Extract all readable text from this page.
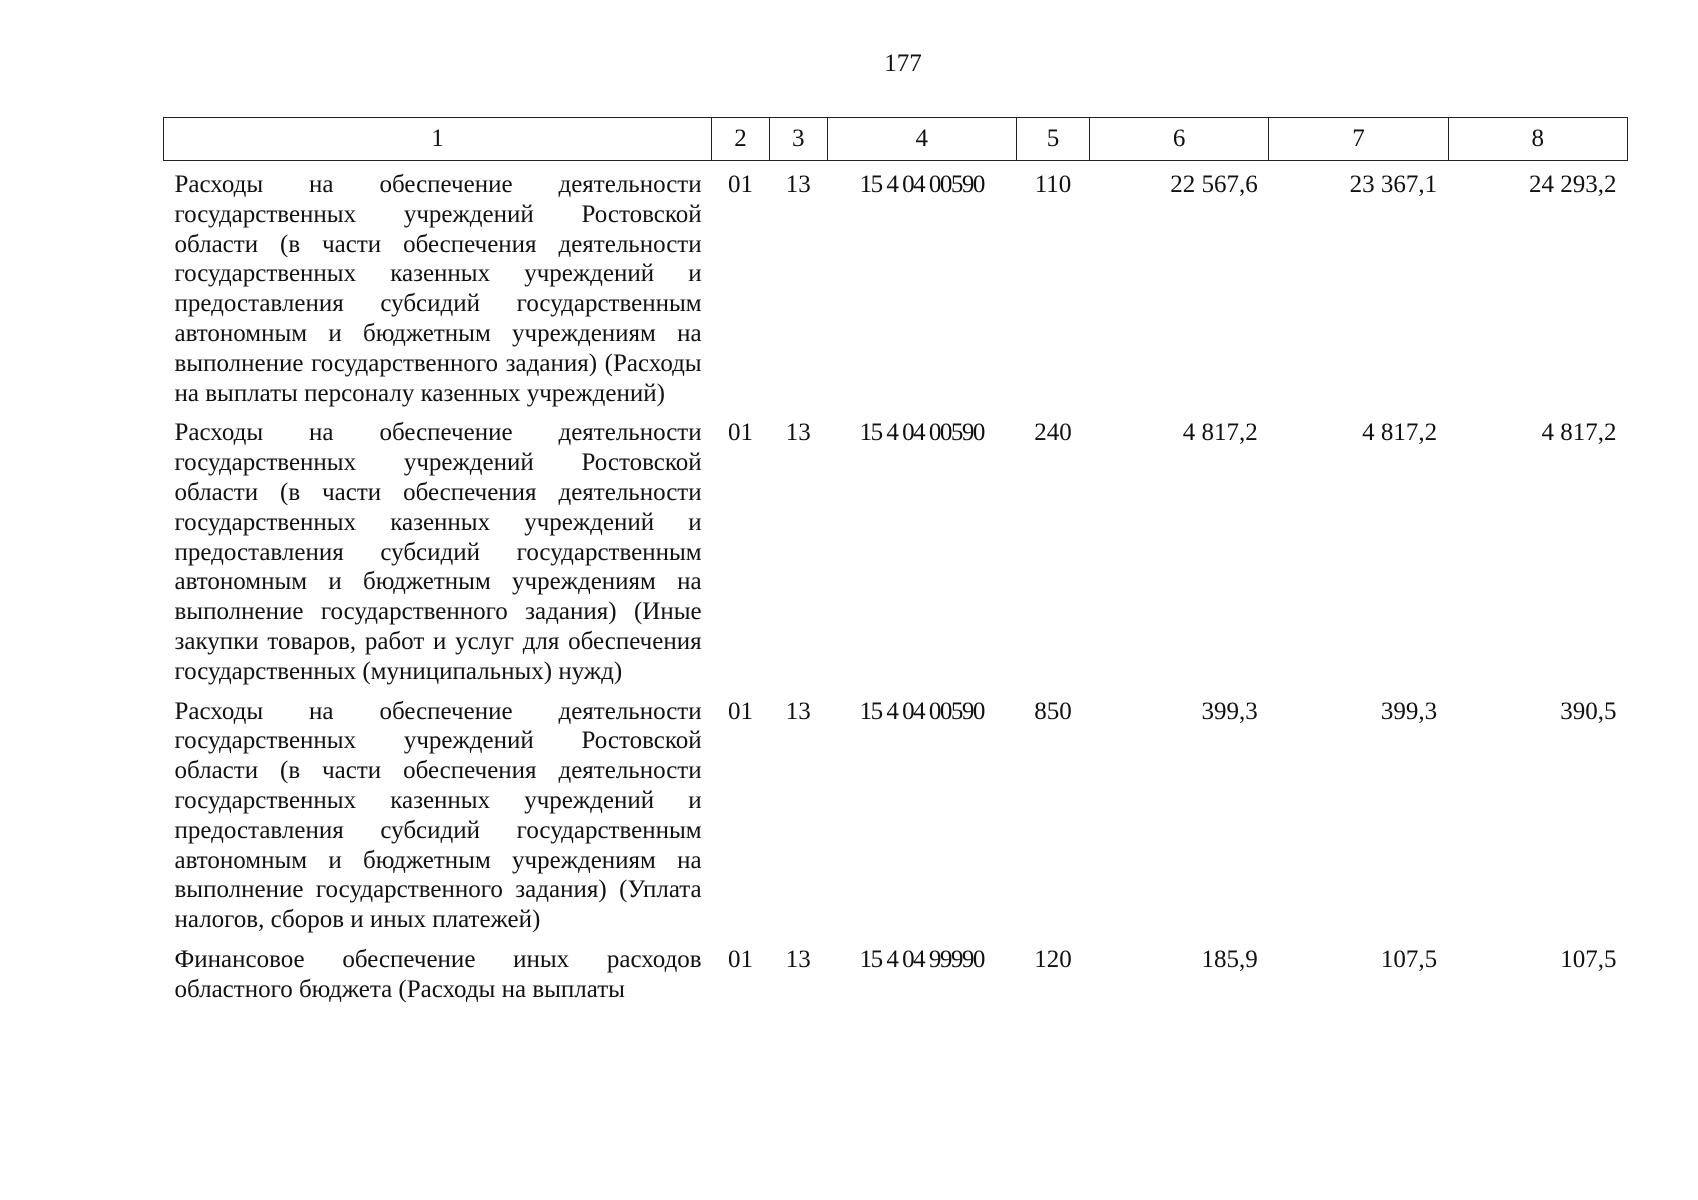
177
1	2	3	4	5	6	7	8
Расходы на обеспечение деятельности государственных учреждений Ростовской области (в части обеспечения деятельности государственных казенных учреждений и предоставления субсидий государственным автономным и бюджетным учреждениям на выполнение государственного задания) (Расходы на выплаты персоналу казенных учреждений)	01	13	15 4 04 00590	110	22 567,6	23 367,1	24 293,2
Расходы на обеспечение деятельности государственных учреждений Ростовской области (в части обеспечения деятельности государственных казенных учреждений и предоставления субсидий государственным автономным и бюджетным учреждениям на выполнение государственного задания) (Иные закупки товаров, работ и услуг для обеспечения государственных (муниципальных) нужд)	01	13	15 4 04 00590	240	4 817,2	4 817,2	4 817,2
Расходы на обеспечение деятельности государственных учреждений Ростовской области (в части обеспечения деятельности государственных казенных учреждений и предоставления субсидий государственным автономным и бюджетным учреждениям на выполнение государственного задания) (Уплата налогов, сборов и иных платежей)	01	13	15 4 04 00590	850	399,3	399,3	390,5
Финансовое обеспечение иных расходов областного бюджета (Расходы на выплаты	01	13	15 4 04 99990	120	185,9	107,5	107,5
